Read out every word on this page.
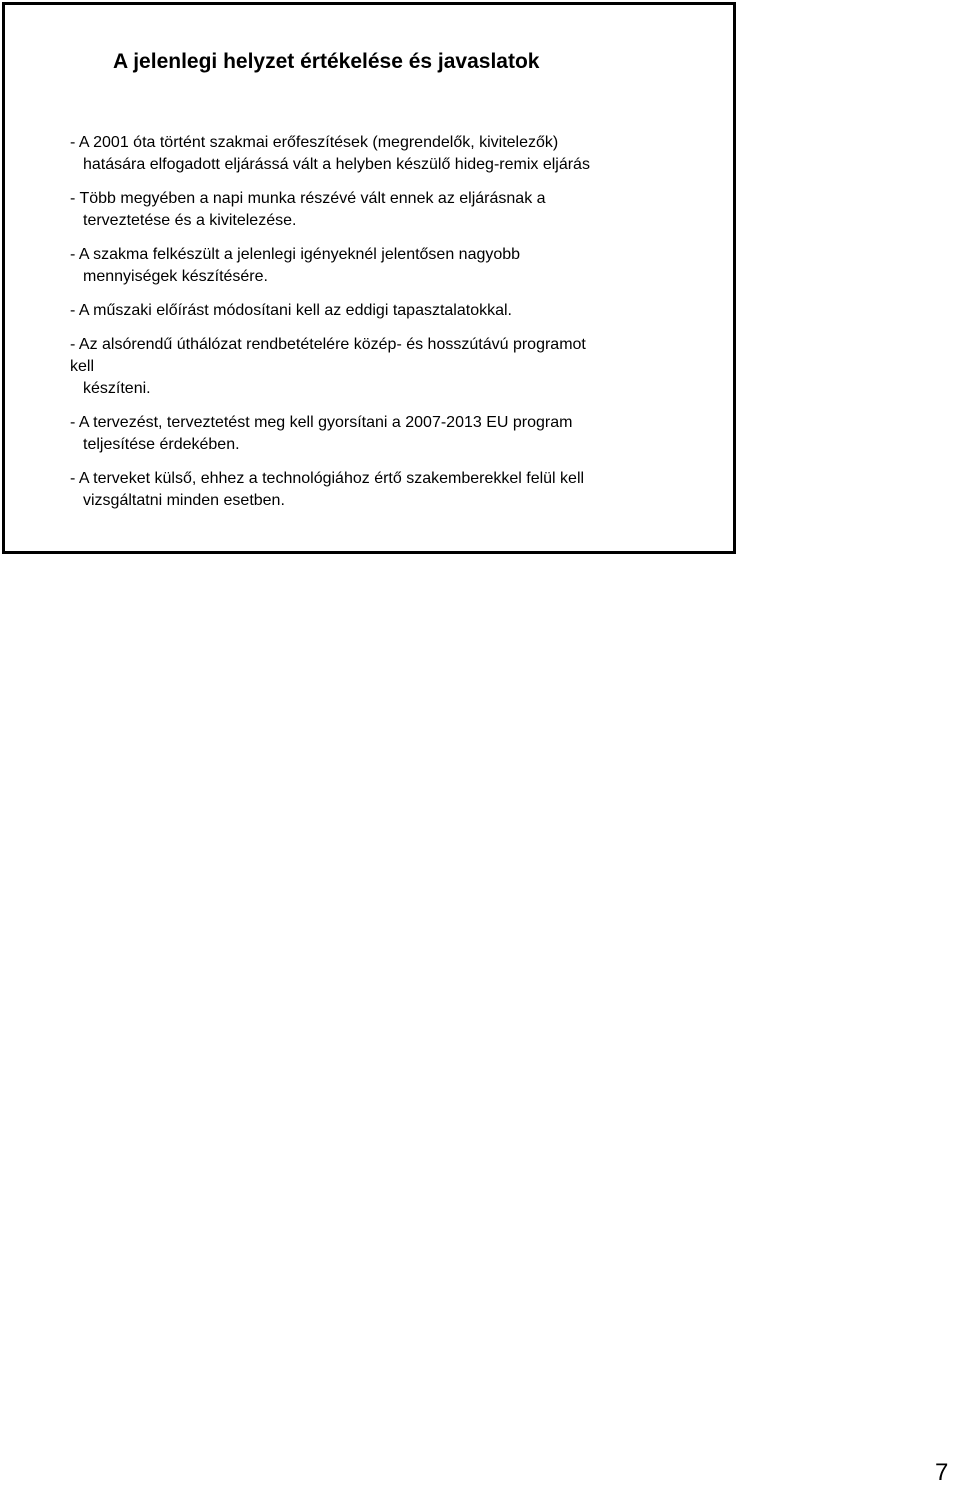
A jelenlegi helyzet értékelése és javaslatok
- A 2001 óta történt szakmai erőfeszítések (megrendelők, kivitelezők)
hatására elfogadott eljárássá vált a helyben készülő hideg-remix eljárás
- Több megyében a napi munka részévé vált ennek az eljárásnak a
terveztetése és a kivitelezése.
- A szakma felkészült a jelenlegi igényeknél jelentősen nagyobb
mennyiségek készítésére.
- A műszaki előírást módosítani kell az eddigi tapasztalatokkal.
- Az alsórendű úthálózat rendbetételére közép- és hosszútávú programot
kell
készíteni.
- A tervezést, terveztetést meg kell gyorsítani a 2007-2013 EU program
teljesítése érdekében.
- A terveket külső, ehhez a technológiához értő szakemberekkel felül kell
vizsgáltatni minden esetben.
7
